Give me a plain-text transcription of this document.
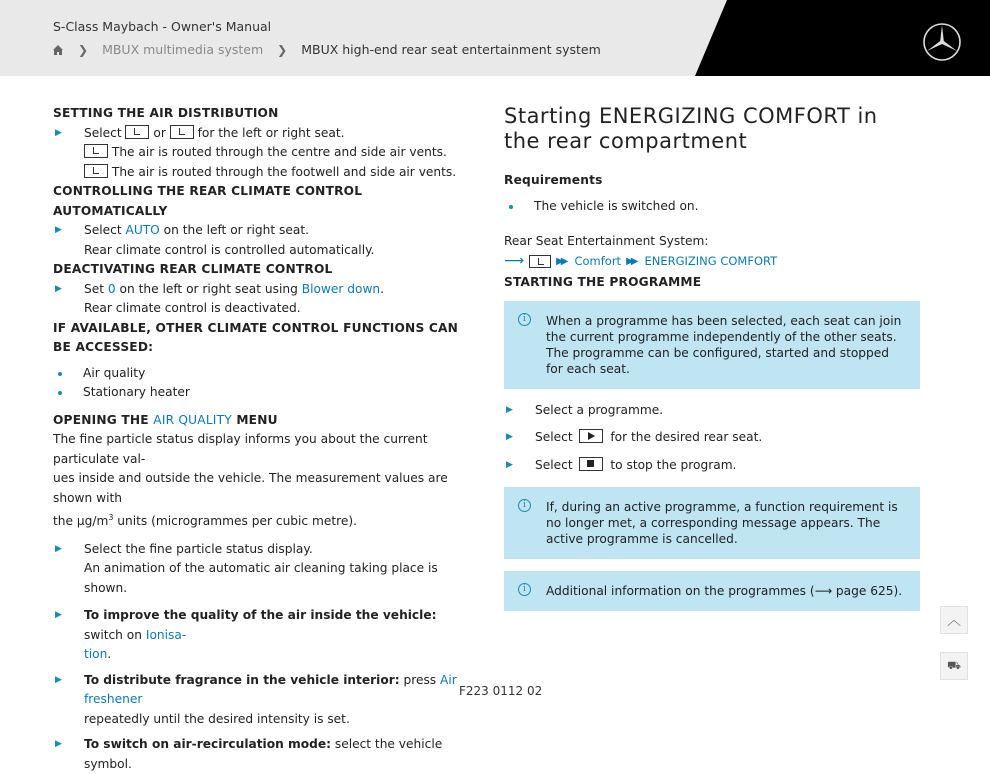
S-Class Maybach - Owner's Manual
❯ MBUX multimedia system ❯ MBUX high-end rear seat entertainment system
SETTING THE AIR DISTRIBUTION
▶ Select	or	for the left or right seat.
The air is routed through the centre and side air vents.
The air is routed through the footwell and side air vents.
CONTROLLING THE REAR CLIMATE CONTROL AUTOMATICALLY
▶ Select AUTO on the left or right seat.
Rear climate control is controlled automatically.
DEACTIVATING REAR CLIMATE CONTROL
▶ Set 0 on the left or right seat using Blower down.
Rear climate control is deactivated.
IF AVAILABLE, OTHER CLIMATE CONTROL FUNCTIONS CAN BE ACCESSED:
Air quality
Stationary heater
OPENING THE AIR QUALITY MENU
The fine particle status display informs you about the current particulate val-
ues inside and outside the vehicle. The measurement values are shown with
the $\mu g/m^3$ units (microgrammes per cubic metre).
▶ Select the fine particle status display.
An animation of the automatic air cleaning taking place is shown.
▶ To improve the quality of the air inside the vehicle: switch on Ionisa-
tion.
▶ To distribute fragrance in the vehicle interior: press Air freshener
repeatedly until the desired intensity is set.
▶ To switch on air-recirculation mode: select the vehicle symbol.
Starting ENERGIZING COMFORT in the rear compartment
Requirements
The vehicle is switched on.
Rear Seat Entertainment System:
⟶	▶▶ Comfort ▶▶ ENERGIZING COMFORT
STARTING THE PROGRAMME
i	When a programme has been selected, each seat can join the current programme independently of the other seats. The programme can be configured, started and stopped for each seat.
▶ Select a programme.
▶ Select	for the desired rear seat.
▶ Select	to stop the program.
i	If, during an active programme, a function requirement is no longer met, a corresponding message appears. The active programme is cancelled.
i	Additional information on the programmes (⟶ page 625).
︿
⛟
F223 0112 02
